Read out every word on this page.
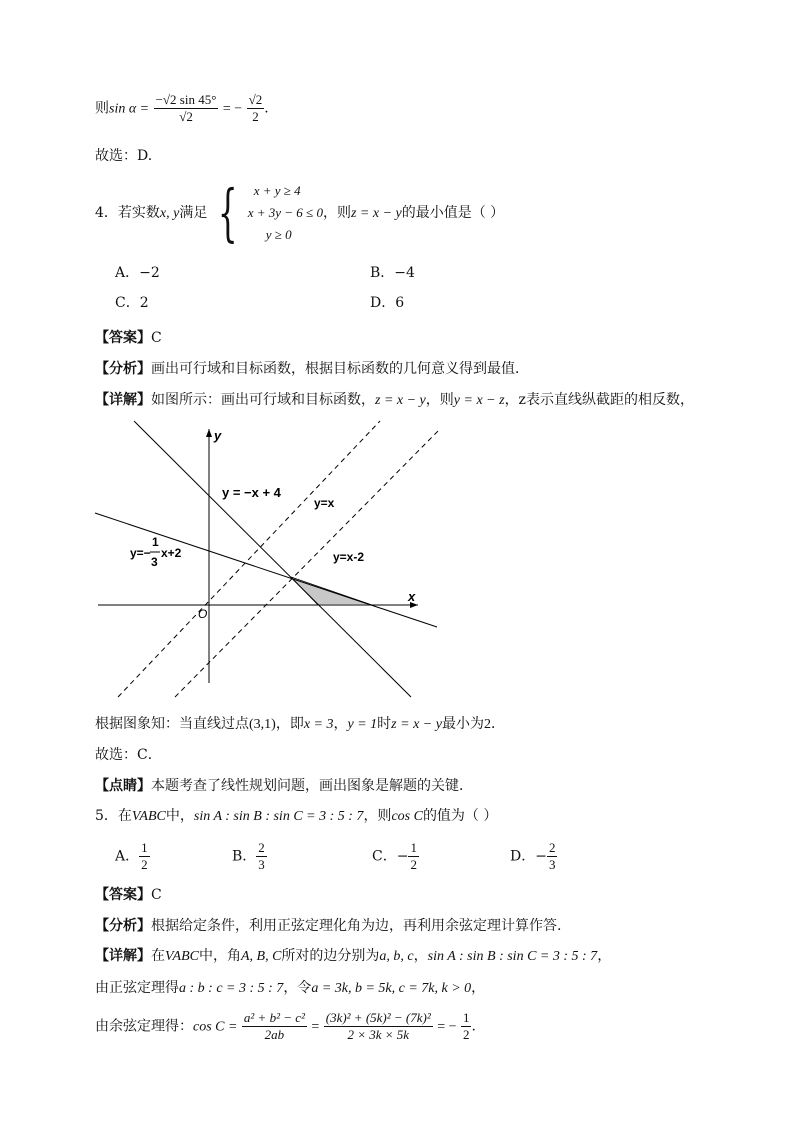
则$\sin \alpha = \frac{-√2 \sin 45^\circ}{√2}$ = − $\frac{√2}{2}$ .
故选：D.
4．若实数x, y满足 {	x + y ≥ 4
x + 3y − 6 ≤ 0
y ≥ 0
，则z = x − y的最小值是（ ）
A．−2	B．−4
C．2	D．6
【答案】C
【分析】画出可行域和目标函数，根据目标函数的几何意义得到最值．
【详解】如图所示：画出可行域和目标函数，z = x − y，则y = x − z，z表示直线纵截距的相反数，
y
x
O
y = −x + 4
y=x
y=x-2
y=−
1
3
x+2
根据图象知：当直线过点(3,1)，即x = 3，y = 1时z = x − y最小为2．
故选：C．
【点睛】本题考查了线性规划问题，画出图象是解题的关键．
5．在VABC中，sin A : sin B : sin C = 3 : 5 : 7，则cos C的值为（ ）
A． $\frac{1}{2}$	B． $\frac{2}{3}$	C．− $\frac{1}{2}$	D．− $\frac{2}{3}$
【答案】C
【分析】根据给定条件，利用正弦定理化角为边，再利用余弦定理计算作答.
【详解】在VABC中，角A, B, C所对的边分别为a, b, c，sin A : sin B : sin C = 3 : 5 : 7，
由正弦定理得a : b : c = 3 : 5 : 7，令a = 3k, b = 5k, c = 7k, k > 0，
由余弦定理得：$\cos C = \frac{\text{a² + b² − c²}}{2ab} = \frac{\text{(3k)² + (5k)² − (7k)²}}{2 \times 3k \times 5k}$ = − $\frac{1}{2}$ .
